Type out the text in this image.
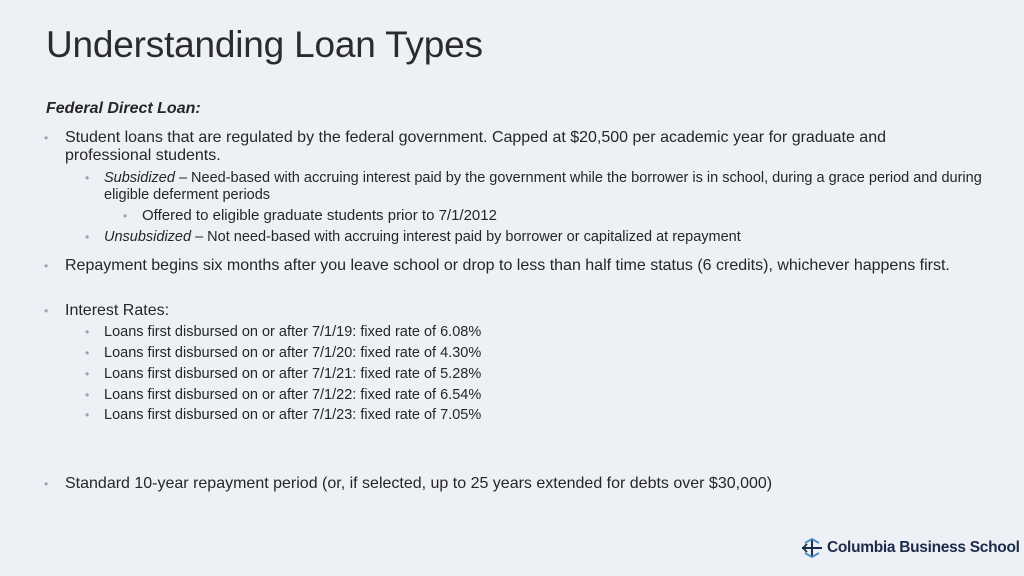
Understanding Loan Types
Federal Direct Loan:
• Student loans that are regulated by the federal government. Capped at $20,500 per academic year for graduate and professional students.
• Subsidized – Need-based with accruing interest paid by the government while the borrower is in school, during a grace period and during eligible deferment periods
• Offered to eligible graduate students prior to 7/1/2012
• Unsubsidized – Not need-based with accruing interest paid by borrower or capitalized at repayment
• Repayment begins six months after you leave school or drop to less than half time status (6 credits), whichever happens first.
• Interest Rates:
• Loans first disbursed on or after 7/1/19: fixed rate of 6.08%
• Loans first disbursed on or after 7/1/20: fixed rate of 4.30%
• Loans first disbursed on or after 7/1/21: fixed rate of 5.28%
• Loans first disbursed on or after 7/1/22: fixed rate of 6.54%
• Loans first disbursed on or after 7/1/23: fixed rate of 7.05%
• Standard 10-year repayment period (or, if selected, up to 25 years extended for debts over $30,000)
Columbia Business School
